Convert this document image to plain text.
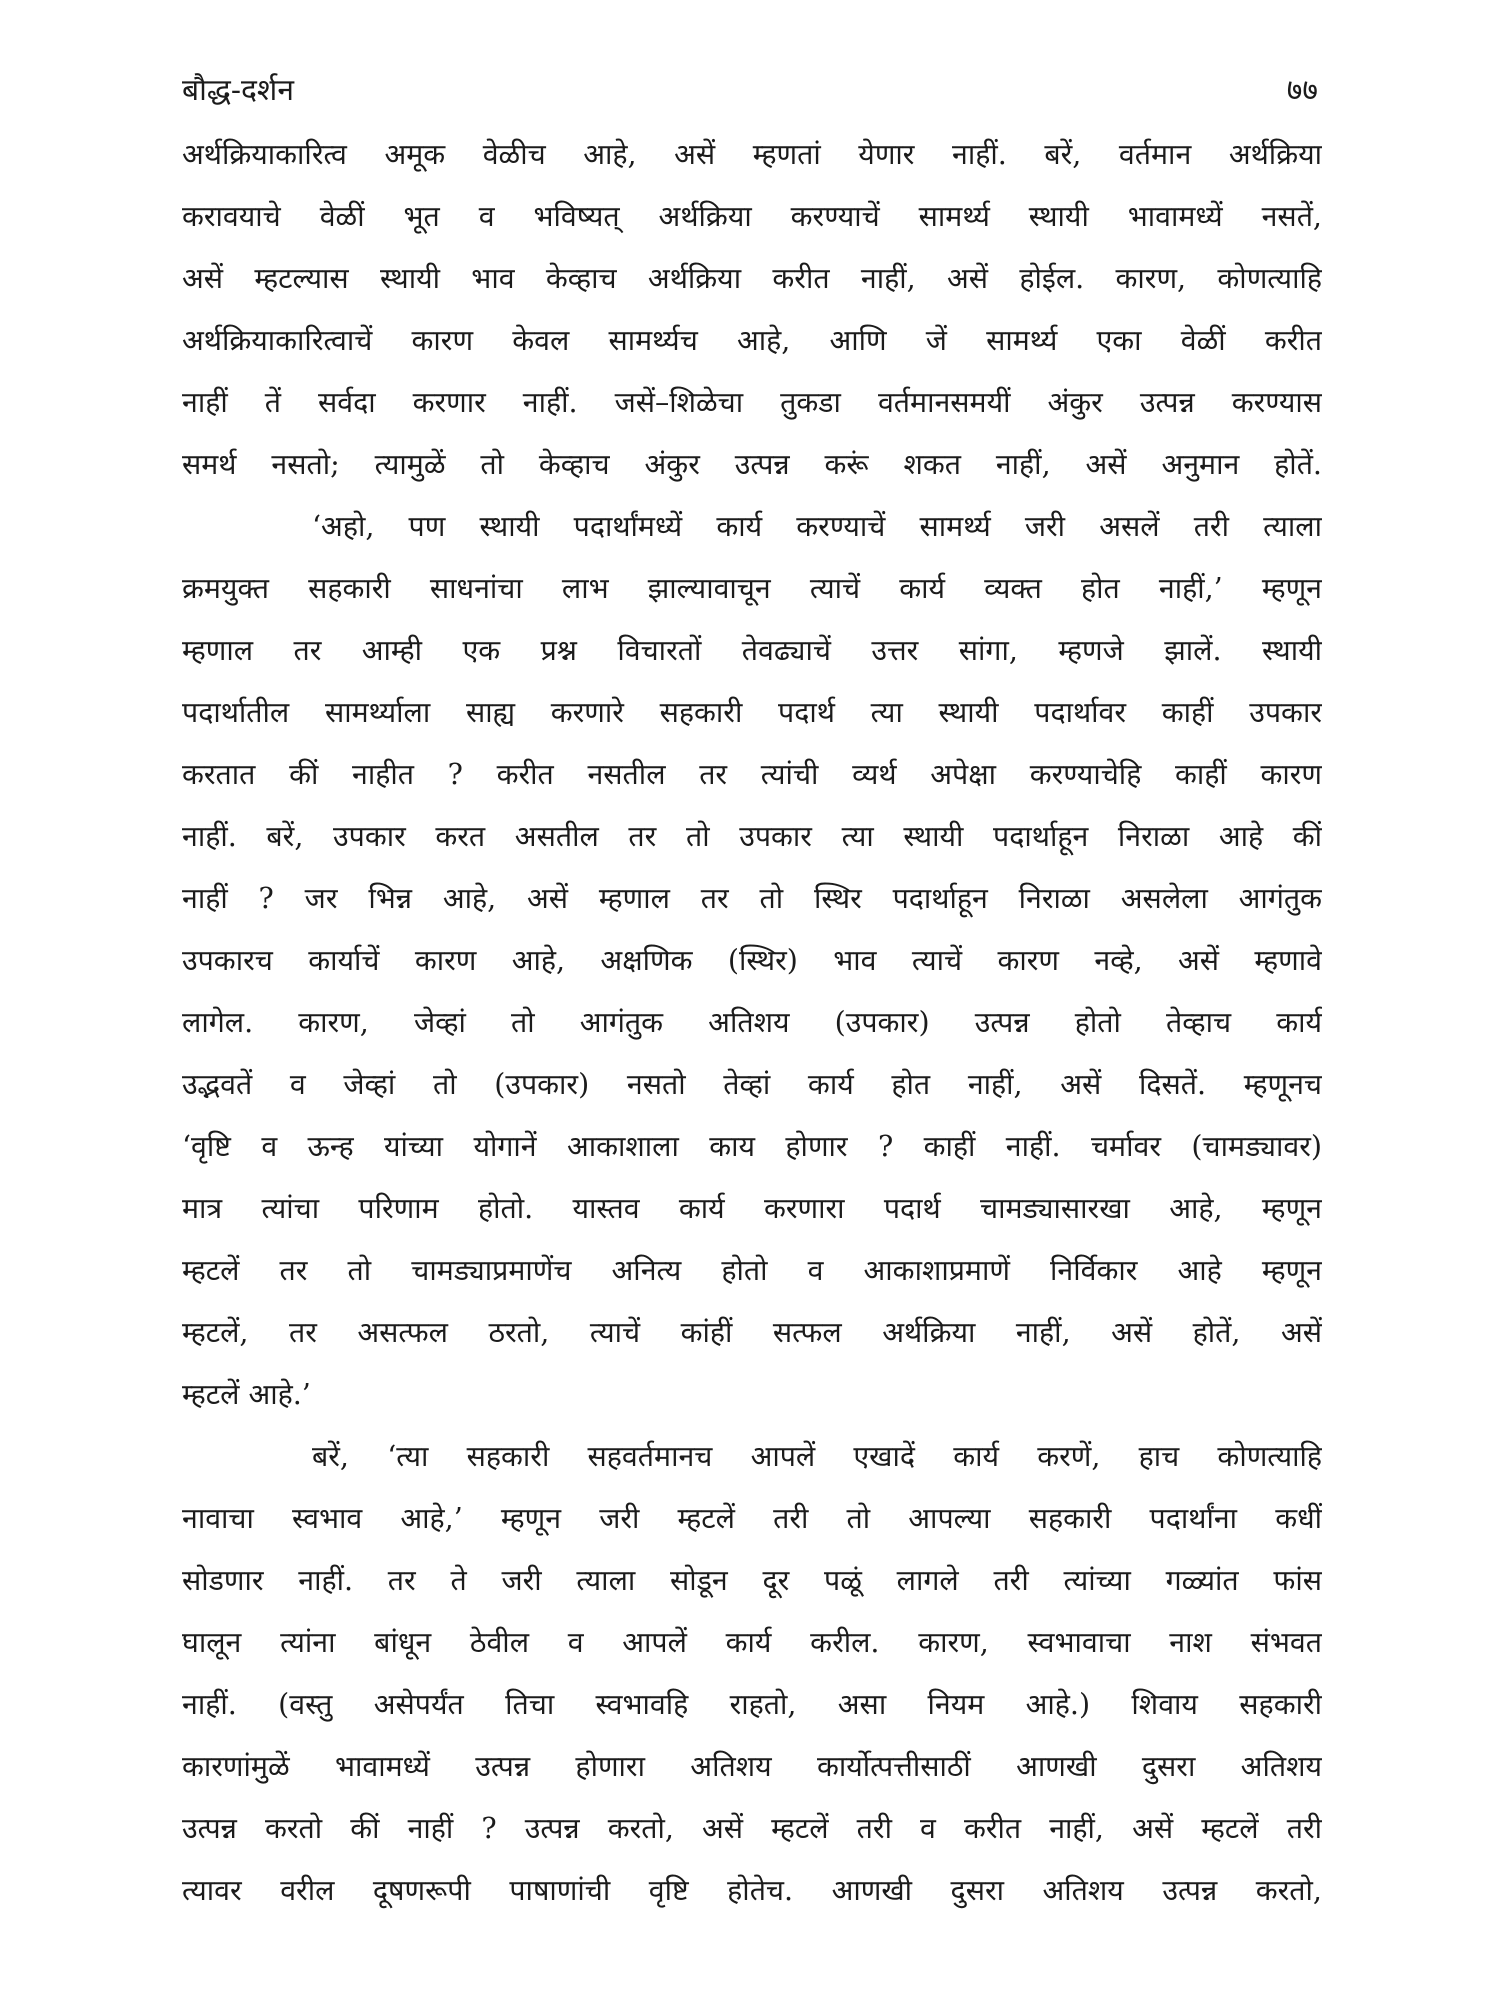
बौद्ध-दर्शन	७७
अर्थक्रियाकारित्व अमूक वेळीच आहे, असें म्हणतां येणार नाहीं. बरें, वर्तमान अर्थक्रिया
करावयाचे वेळीं भूत व भविष्यत् अर्थक्रिया करण्याचें सामर्थ्य स्थायी भावामध्यें नसतें,
असें म्हटल्यास स्थायी भाव केव्हाच अर्थक्रिया करीत नाहीं, असें होईल. कारण, कोणत्याहि
अर्थक्रियाकारित्वाचें कारण केवल सामर्थ्यच आहे, आणि जें सामर्थ्य एका वेळीं करीत
नाहीं तें सर्वदा करणार नाहीं. जसें–शिळेचा तुकडा वर्तमानसमयीं अंकुर उत्पन्न करण्यास
समर्थ नसतो; त्यामुळें तो केव्हाच अंकुर उत्पन्न करूं शकत नाहीं, असें अनुमान होतें.
‘अहो, पण स्थायी पदार्थांमध्यें कार्य करण्याचें सामर्थ्य जरी असलें तरी त्याला
क्रमयुक्त सहकारी साधनांचा लाभ झाल्यावाचून त्याचें कार्य व्यक्त होत नाहीं,’ म्हणून
म्हणाल तर आम्ही एक प्रश्न विचारतों तेवढ्याचें उत्तर सांगा, म्हणजे झालें. स्थायी
पदार्थातील सामर्थ्याला साह्य करणारे सहकारी पदार्थ त्या स्थायी पदार्थावर काहीं उपकार
करतात कीं नाहीत ? करीत नसतील तर त्यांची व्यर्थ अपेक्षा करण्याचेहि काहीं कारण
नाहीं. बरें, उपकार करत असतील तर तो उपकार त्या स्थायी पदार्थाहून निराळा आहे कीं
नाहीं ? जर भिन्न आहे, असें म्हणाल तर तो स्थिर पदार्थाहून निराळा असलेला आगंतुक
उपकारच कार्याचें कारण आहे, अक्षणिक (स्थिर) भाव त्याचें कारण नव्हे, असें म्हणावे
लागेल. कारण, जेव्हां तो आगंतुक अतिशय (उपकार) उत्पन्न होतो तेव्हाच कार्य
उद्भवतें व जेव्हां तो (उपकार) नसतो तेव्हां कार्य होत नाहीं, असें दिसतें. म्हणूनच
‘वृष्टि व ऊन्ह यांच्या योगानें आकाशाला काय होणार ? काहीं नाहीं. चर्मावर (चामड्यावर)
मात्र त्यांचा परिणाम होतो. यास्तव कार्य करणारा पदार्थ चामड्यासारखा आहे, म्हणून
म्हटलें तर तो चामड्याप्रमाणेंच अनित्य होतो व आकाशाप्रमाणें निर्विकार आहे म्हणून
म्हटलें, तर असत्फल ठरतो, त्याचें कांहीं सत्फल अर्थक्रिया नाहीं, असें होतें, असें
म्हटलें आहे.’
बरें, ‘त्या सहकारी सहवर्तमानच आपलें एखादें कार्य करणें, हाच कोणत्याहि
नावाचा स्वभाव आहे,’ म्हणून जरी म्हटलें तरी तो आपल्या सहकारी पदार्थांना कधीं
सोडणार नाहीं. तर ते जरी त्याला सोडून दूर पळूं लागले तरी त्यांच्या गळ्यांत फांस
घालून त्यांना बांधून ठेवील व आपलें कार्य करील. कारण, स्वभावाचा नाश संभवत
नाहीं. (वस्तु असेपर्यंत तिचा स्वभावहि राहतो, असा नियम आहे.) शिवाय सहकारी
कारणांमुळें भावामध्यें उत्पन्न होणारा अतिशय कार्योत्पत्तीसाठीं आणखी दुसरा अतिशय
उत्पन्न करतो कीं नाहीं ? उत्पन्न करतो, असें म्हटलें तरी व करीत नाहीं, असें म्हटलें तरी
त्यावर वरील दूषणरूपी पाषाणांची वृष्टि होतेच. आणखी दुसरा अतिशय उत्पन्न करतो,
